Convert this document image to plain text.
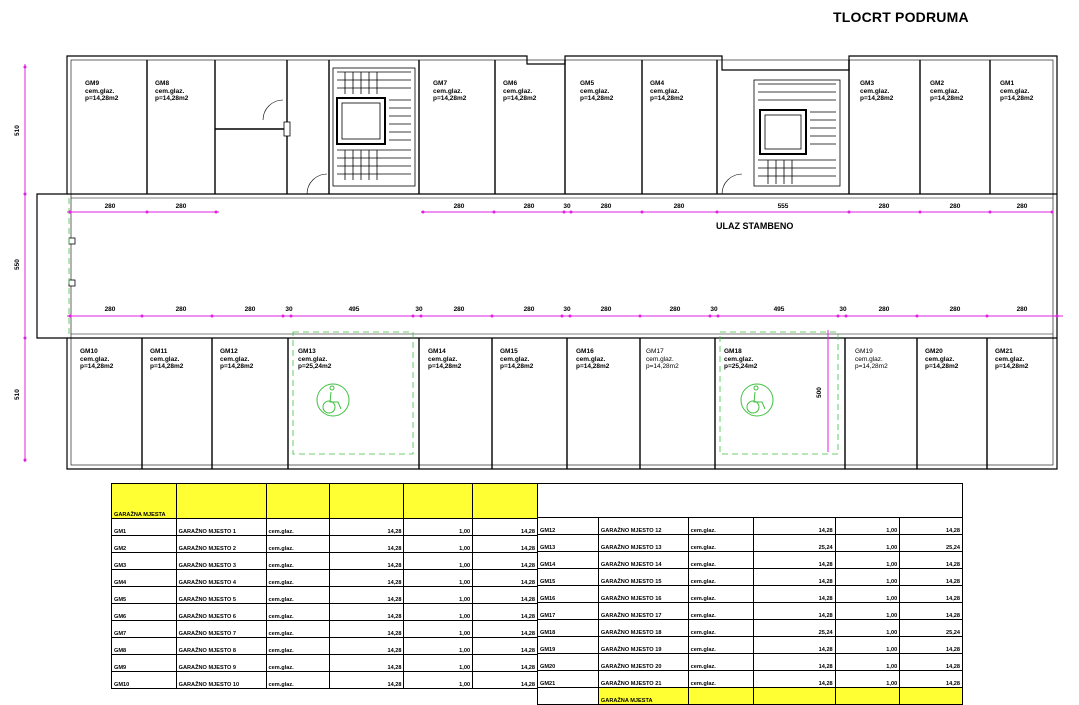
TLOCRT PODRUMA
GM9
cem.glaz.
p=14,28m2
GM8
cem.glaz.
p=14,28m2
GM7
cem.glaz.
p=14,28m2
GM6
cem.glaz.
p=14,28m2
GM5
cem.glaz.
p=14,28m2
GM4
cem.glaz.
p=14,28m2
GM3
cem.glaz.
p=14,28m2
GM2
cem.glaz.
p=14,28m2
GM1
cem.glaz.
p=14,28m2
GM10
cem.glaz.
p=14,28m2
GM11
cem.glaz.
p=14,28m2
GM12
cem.glaz.
p=14,28m2
GM13
cem.glaz.
p=25,24m2
GM14
cem.glaz.
p=14,28m2
GM15
cem.glaz.
p=14,28m2
GM16
cem.glaz.
p=14,28m2
GM17
cem.glaz.
p=14,28m2
GM18
cem.glaz.
p=25,24m2
GM19
cem.glaz.
p=14,28m2
GM20
cem.glaz.
p=14,28m2
GM21
cem.glaz.
p=14,28m2
ULAZ STAMBENO
280	280	280	280	30	280	280	555	280	280	280
280	280	280	30	495	30	280	280	30	280	280	30	495	30	280	280	280
510
550
510	500
GARAŽNA MJESTA					
GM1	GARAŽNO MJESTO 1	cem.glaz.	14,28	1,00	14,28
GM2	GARAŽNO MJESTO 2	cem.glaz.	14,28	1,00	14,28
GM3	GARAŽNO MJESTO 3	cem.glaz.	14,28	1,00	14,28
GM4	GARAŽNO MJESTO 4	cem.glaz.	14,28	1,00	14,28
GM5	GARAŽNO MJESTO 5	cem.glaz.	14,28	1,00	14,28
GM6	GARAŽNO MJESTO 6	cem.glaz.	14,28	1,00	14,28
GM7	GARAŽNO MJESTO 7	cem.glaz.	14,28	1,00	14,28
GM8	GARAŽNO MJESTO 8	cem.glaz.	14,28	1,00	14,28
GM9	GARAŽNO MJESTO 9	cem.glaz.	14,28	1,00	14,28
GM10	GARAŽNO MJESTO 10	cem.glaz.	14,28	1,00	14,28
GM12	GARAŽNO MJESTO 12	cem.glaz.	14,28	1,00	14,28
GM13	GARAŽNO MJESTO 13	cem.glaz.	25,24	1,00	25,24
GM14	GARAŽNO MJESTO 14	cem.glaz.	14,28	1,00	14,28
GM15	GARAŽNO MJESTO 15	cem.glaz.	14,28	1,00	14,28
GM16	GARAŽNO MJESTO 16	cem.glaz.	14,28	1,00	14,28
GM17	GARAŽNO MJESTO 17	cem.glaz.	14,28	1,00	14,28
GM18	GARAŽNO MJESTO 18	cem.glaz.	25,24	1,00	25,24
GM19	GARAŽNO MJESTO 19	cem.glaz.	14,28	1,00	14,28
GM20	GARAŽNO MJESTO 20	cem.glaz.	14,28	1,00	14,28
GM21	GARAŽNO MJESTO 21	cem.glaz.	14,28	1,00	14,28
	GARAŽNA MJESTA				
